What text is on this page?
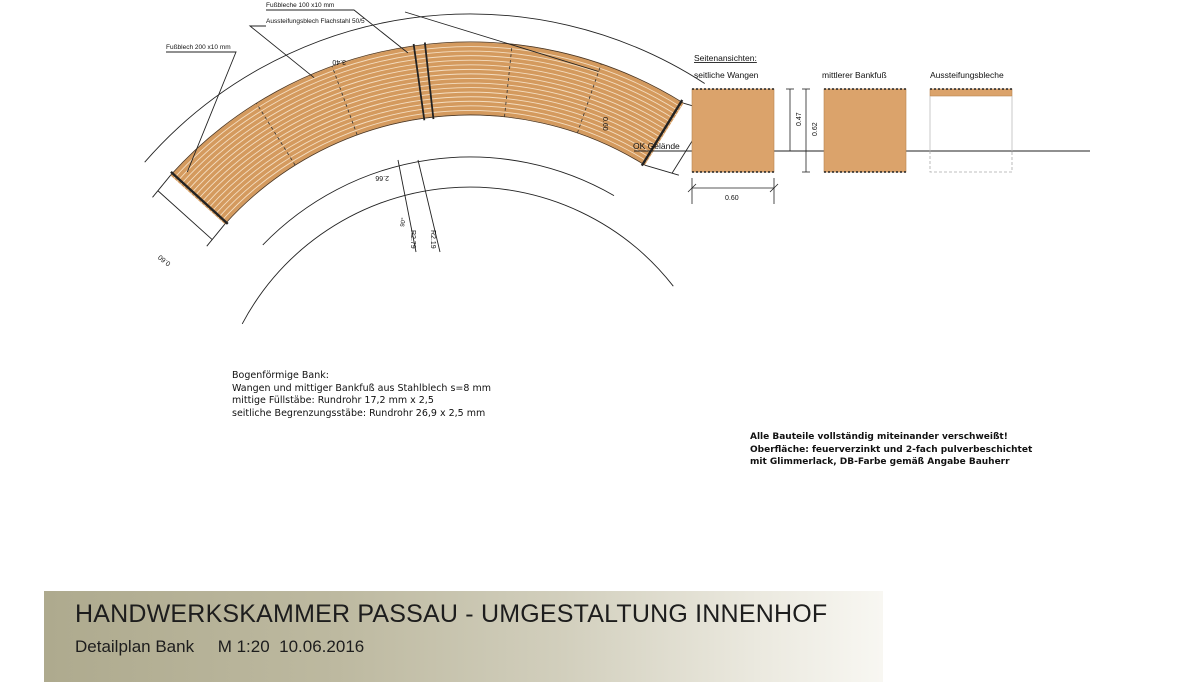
Fußblech 200 x10 mm
Fußbleche 100 x10 mm
Aussteifungsblech Flachstahl 50/5
0.60
0.60
3.40
2.66
90°
R2.79 R2.19
Seitenansichten:
seitliche Wangen	mittlerer Bankfuß	Aussteifungsbleche
OK Gelände
0.47
0.62
0.60
Bogenförmige Bank:
Wangen und mittiger Bankfuß aus Stahlblech s=8 mm
mittige Füllstäbe: Rundrohr 17,2 mm x 2,5
seitliche Begrenzungsstäbe: Rundrohr 26,9 x 2,5 mm
Alle Bauteile vollständig miteinander verschweißt!
Oberfläche: feuerverzinkt und 2-fach pulverbeschichtet
mit Glimmerlack, DB-Farbe gemäß Angabe Bauherr
HANDWERKSKAMMER PASSAU - UMGESTALTUNG INNENHOF
Detailplan Bank M 1:20 10.06.2016
